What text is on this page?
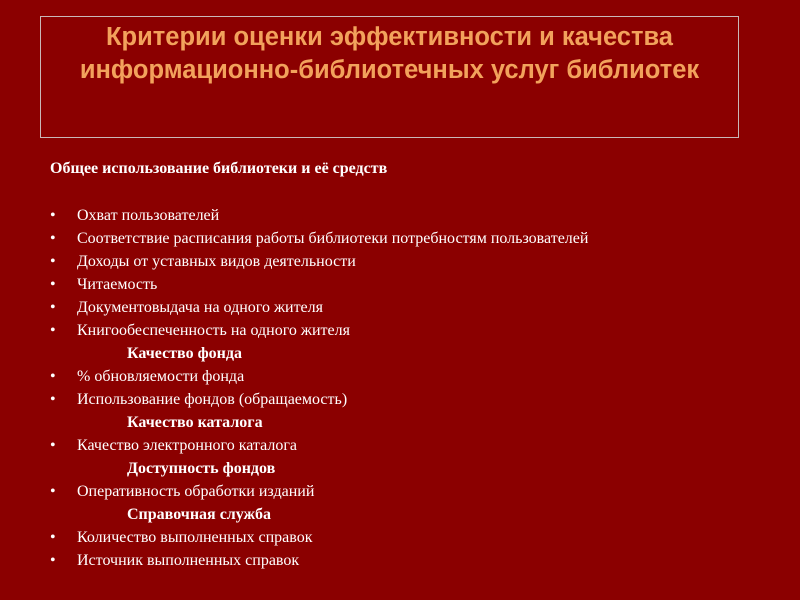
Критерии оценки эффективности и качества
информационно-библиотечных услуг библиотек
Общее использование библиотеки и её средств
• Охват пользователей
• Соответствие расписания работы библиотеки потребностям пользователей
• Доходы от уставных видов деятельности
• Читаемость
• Документовыдача на одного жителя
• Книгообеспеченность на одного жителя
Качество фонда
• % обновляемости фонда
• Использование фондов (обращаемость)
Качество каталога
• Качество электронного каталога
Доступность фондов
• Оперативность обработки изданий
Справочная служба
• Количество выполненных справок
• Источник выполненных справок
